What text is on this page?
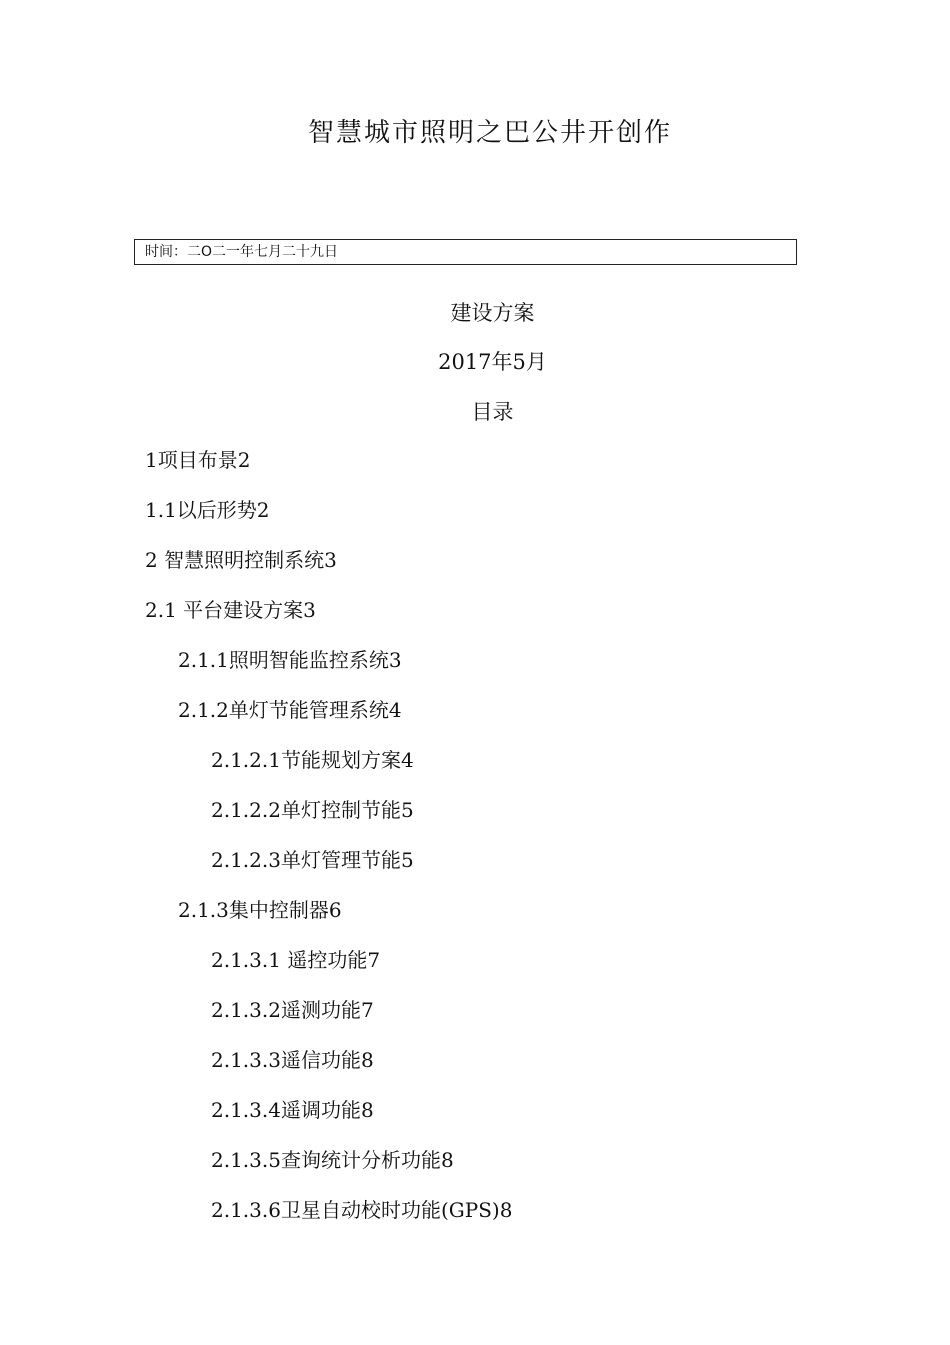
智慧城市照明之巴公井开创作
时间：二O二一年七月二十九日
建设方案
2017年5月
目录
1项目布景2
1.1以后形势2
2 智慧照明控制系统3
2.1 平台建设方案3
2.1.1照明智能监控系统3
2.1.2单灯节能管理系统4
2.1.2.1节能规划方案4
2.1.2.2单灯控制节能5
2.1.2.3单灯管理节能5
2.1.3集中控制器6
2.1.3.1 遥控功能7
2.1.3.2遥测功能7
2.1.3.3遥信功能8
2.1.3.4遥调功能8
2.1.3.5查询统计分析功能8
2.1.3.6卫星自动校时功能(GPS)8
